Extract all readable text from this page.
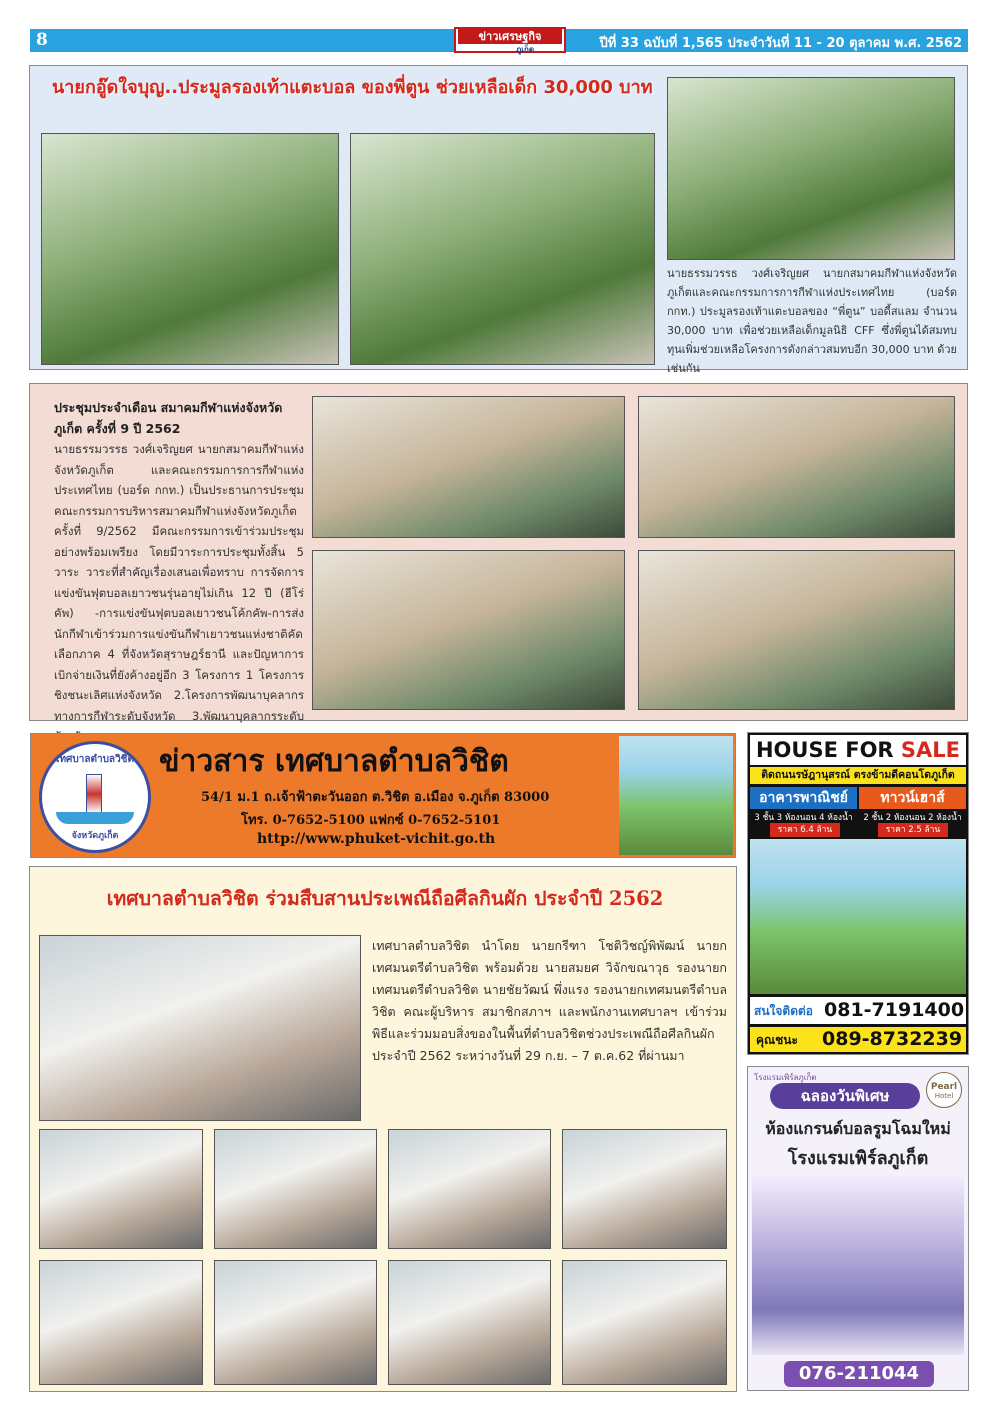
8	ข่าวเศรษฐกิจ
ภูเก็ต	ปีที่ 33 ฉบับที่ 1,565 ประจำวันที่ 11 - 20 ตุลาคม พ.ศ. 2562
นายกอู๊ดใจบุญ..ประมูลรองเท้าแตะบอล ของพี่ตูน ช่วยเหลือเด็ก 30,000 บาท
นายธรรมวรรธ วงศ์เจริญยศ นายกสมาคมกีฬาแห่งจังหวัดภูเก็ตและคณะกรรมการการกีฬาแห่งประเทศไทย (บอร์ด กกท.) ประมูลรองเท้าแตะบอลของ “พี่ตูน” บอดี้สแลม จำนวน 30,000 บาท เพื่อช่วยเหลือเด็กมูลนิธิ CFF ซึ่งพี่ตูนได้สมทบทุนเพิ่มช่วยเหลือโครงการดังกล่าวสมทบอีก 30,000 บาท ด้วยเช่นกัน
ประชุมประจำเดือน สมาคมกีฬาแห่งจังหวัดภูเก็ต ครั้งที่ 9 ปี 2562
นายธรรมวรรธ วงศ์เจริญยศ นายกสมาคมกีฬาแห่งจังหวัดภูเก็ต และคณะกรรมการการกีฬาแห่งประเทศไทย (บอร์ด กกท.) เป็นประธานการประชุมคณะกรรมการบริหารสมาคมกีฬาแห่งจังหวัดภูเก็ต ครั้งที่ 9/2562 มีคณะกรรมการเข้าร่วมประชุมอย่างพร้อมเพรียง โดยมีวาระการประชุมทั้งสิ้น 5 วาระ วาระที่สำคัญเรื่องเสนอเพื่อทราบ การจัดการแข่งขันฟุตบอลเยาวชนรุ่นอายุไม่เกิน 12 ปี (ฮีโร่คัพ) -การแข่งขันฟุตบอลเยาวชนโค้กคัพ-การส่งนักกีฬาเข้าร่วมการแข่งขันกีฬาเยาวชนแห่งชาติคัดเลือกภาค 4 ที่จังหวัดสุราษฎร์ธานี และปัญหาการเบิกจ่ายเงินที่ยังค้างอยู่อีก 3 โครงการ 1 โครงการชิงชนะเลิศแห่งจังหวัด 2.โครงการพัฒนาบุคลากรทางการกีฬาระดับจังหวัด 3.พัฒนาบุคลากรระดับ
เทศบาลตำบลวิชิต
จังหวัดภูเก็ต
ข่าวสาร เทศบาลตำบลวิชิต
54/1 ม.1 ถ.เจ้าฟ้าตะวันออก ต.วิชิต อ.เมือง จ.ภูเก็ต 83000
โทร. 0-7652-5100 แฟกซ์ 0-7652-5101
http://www.phuket-vichit.go.th
HOUSE FOR SALE
ติดถนนรษัฎานุสรณ์ ตรงข้ามดีคอนโดภูเก็ต
อาคารพาณิชย์	ทาวน์เฮาส์
3 ชั้น 3 ห้องนอน 4 ห้องน้ำ	2 ชั้น 2 ห้องนอน 2 ห้องน้ำ
ราคา 6.4 ล้าน	ราคา 2.5 ล้าน
สนใจติดต่อ 081-7191400
คุณชนะ 089-8732239
เทศบาลตำบลวิชิต ร่วมสืบสานประเพณีถือศีลกินผัก ประจำปี 2562
เทศบาลตำบลวิชิต นำโดย นายกรีฑา โชติวิชญ์พิพัฒน์ นายกเทศมนตรีตำบลวิชิต พร้อมด้วย นายสมยศ วิจักขณาวุธ รองนายกเทศมนตรีตำบลวิชิต นายชัยวัฒน์ พึ่งแรง รองนายกเทศมนตรีตำบลวิชิต คณะผู้บริหาร สมาชิกสภาฯ และพนักงานเทศบาลฯ เข้าร่วมพิธีและร่วมมอบสิ่งของในพื้นที่ตำบลวิชิตช่วงประเพณีถือศีลกินผักประจำปี 2562 ระหว่างวันที่ 29 ก.ย. – 7 ต.ค.62 ที่ผ่านมา
โรงแรมเพิร์ลภูเก็ต
Pearl
Hotel
ฉลองวันพิเศษ
ห้องแกรนด์บอลรูมโฉมใหม่
โรงแรมเพิร์ลภูเก็ต
076-211044
